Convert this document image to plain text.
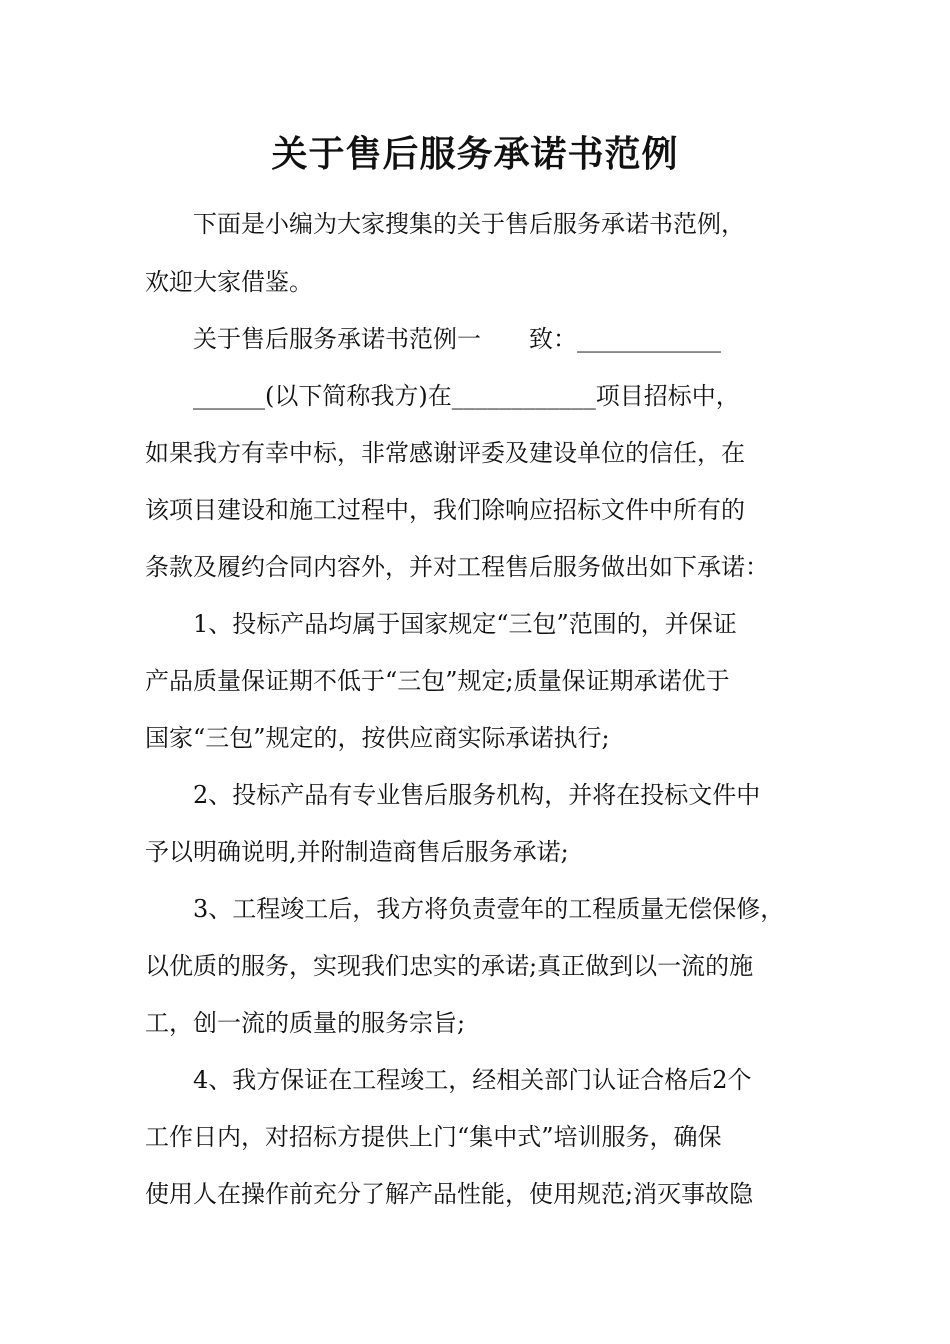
关于售后服务承诺书范例
下面是小编为大家搜集的关于售后服务承诺书范例，
欢迎大家借鉴。
关于售后服务承诺书范例一　　致：____________
______(以下简称我方)在____________项目招标中，
如果我方有幸中标，非常感谢评委及建设单位的信任，在
该项目建设和施工过程中，我们除响应招标文件中所有的
条款及履约合同内容外，并对工程售后服务做出如下承诺：
1、投标产品均属于国家规定“三包”范围的，并保证
产品质量保证期不低于“三包”规定;质量保证期承诺优于
国家“三包”规定的，按供应商实际承诺执行;
2、投标产品有专业售后服务机构，并将在投标文件中
予以明确说明,并附制造商售后服务承诺;
3、工程竣工后，我方将负责壹年的工程质量无偿保修，
以优质的服务，实现我们忠实的承诺;真正做到以一流的施
工，创一流的质量的服务宗旨;
4、我方保证在工程竣工，经相关部门认证合格后2个
工作日内，对招标方提供上门“集中式”培训服务，确保
使用人在操作前充分了解产品性能，使用规范;消灭事故隐
